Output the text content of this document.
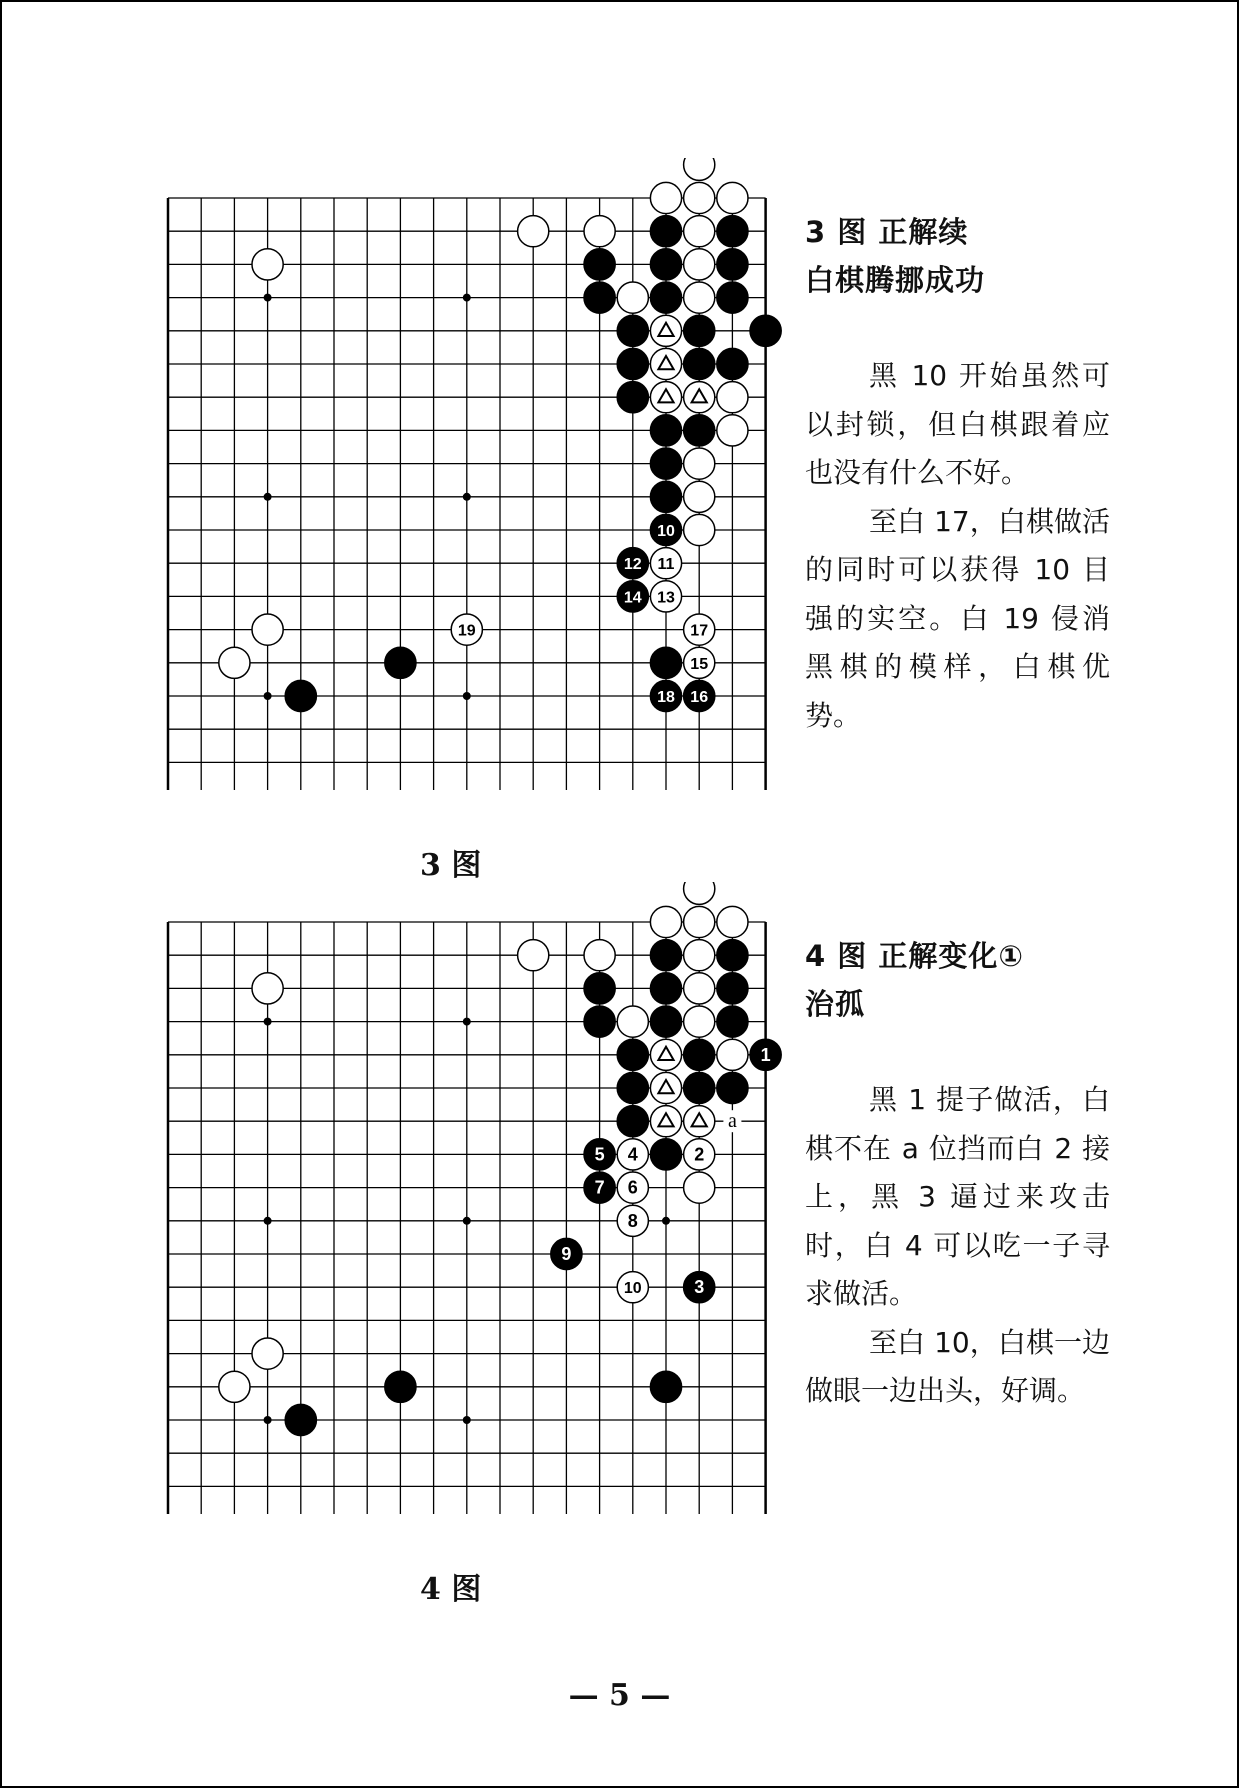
10
12 11
14 13
19	17
15
18 16
3 图 正解续
白棋腾挪成功

黑 10 开始虽然可以封锁，但白棋跟着应也没有什么不好。

至白 17，白棋做活的同时可以获得 10 目强的实空。白 19 侵消黑棋的模样，白棋优势。

3 图
1
5 4	2
7 6
8
9
10	3
a
4 图 正解变化①
治孤

黑 1 提子做活，白棋不在 a 位挡而白 2 接上，黑 3 逼过来攻击时，白 4 可以吃一子寻求做活。

至白 10，白棋一边做眼一边出头，好调。

4 图
— 5 —
